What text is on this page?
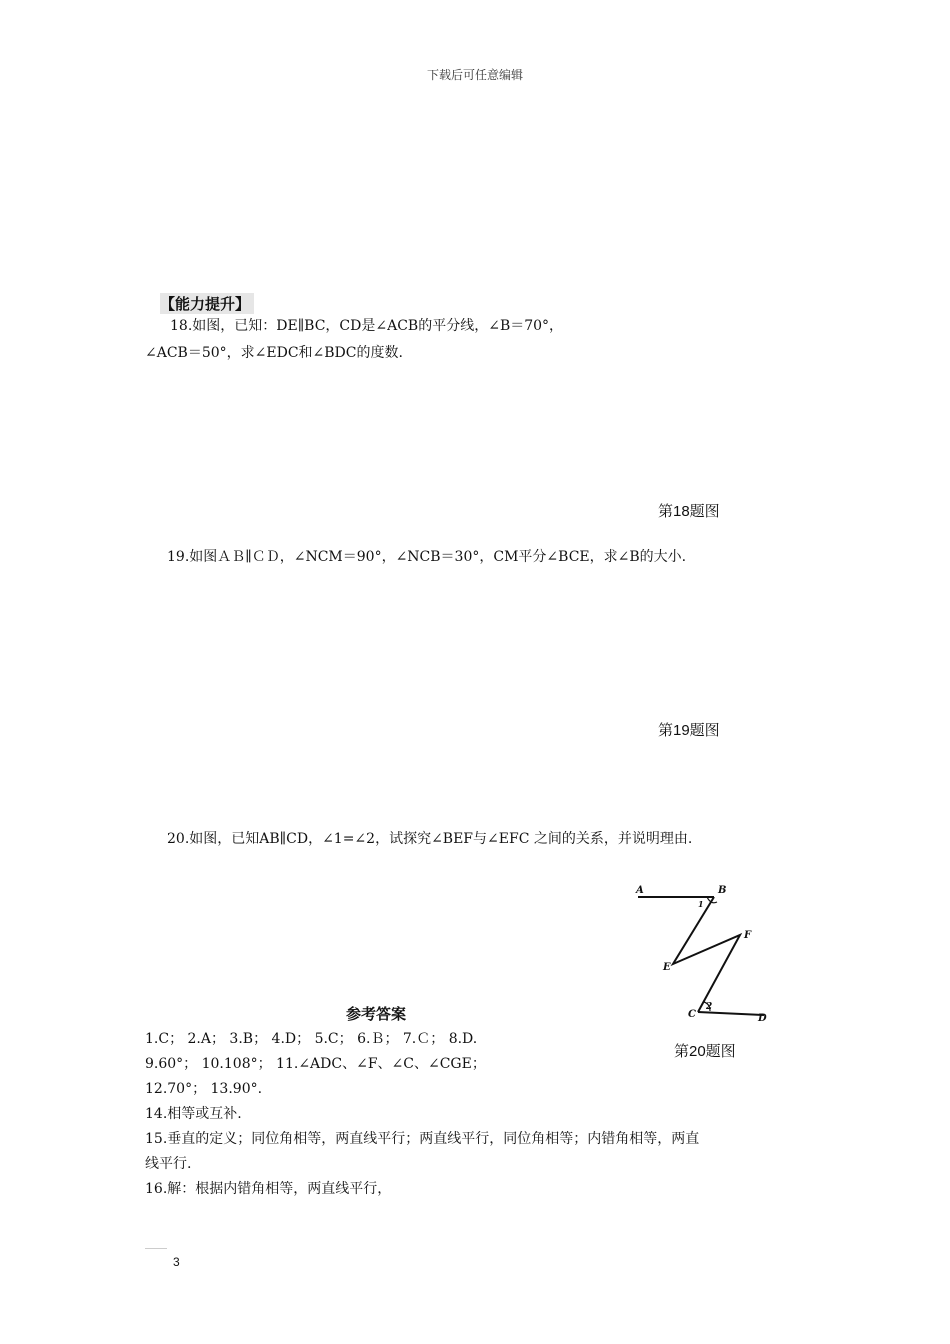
下载后可任意编辑
【能力提升】
18.如图，已知：DE∥BC，CD是∠ACB的平分线，∠B＝70°，
∠ACB＝50°，求∠EDC和∠BDC的度数.
第18题图
19.如图ＡＢ∥ＣＤ，∠NCM＝90°，∠NCB＝30°，CM平分∠BCE，求∠B的大小.
第19题图
20.如图，已知AB∥CD，∠1=∠2，试探究∠BEF与∠EFC 之间的关系，并说明理由.
A	B
1
F
E
2
C	D
参考答案
1.C； 2.A； 3.B； 4.D； 5.C； 6.Ｂ； 7.Ｃ； 8.D.
第20题图
9.60°； 10.108°； 11.∠ADC、∠F、∠C、∠CGE；
12.70°； 13.90°.
14.相等或互补.
15.垂直的定义；同位角相等，两直线平行；两直线平行，同位角相等；内错角相等，两直
线平行.
16.解：根据内错角相等，两直线平行，
3
